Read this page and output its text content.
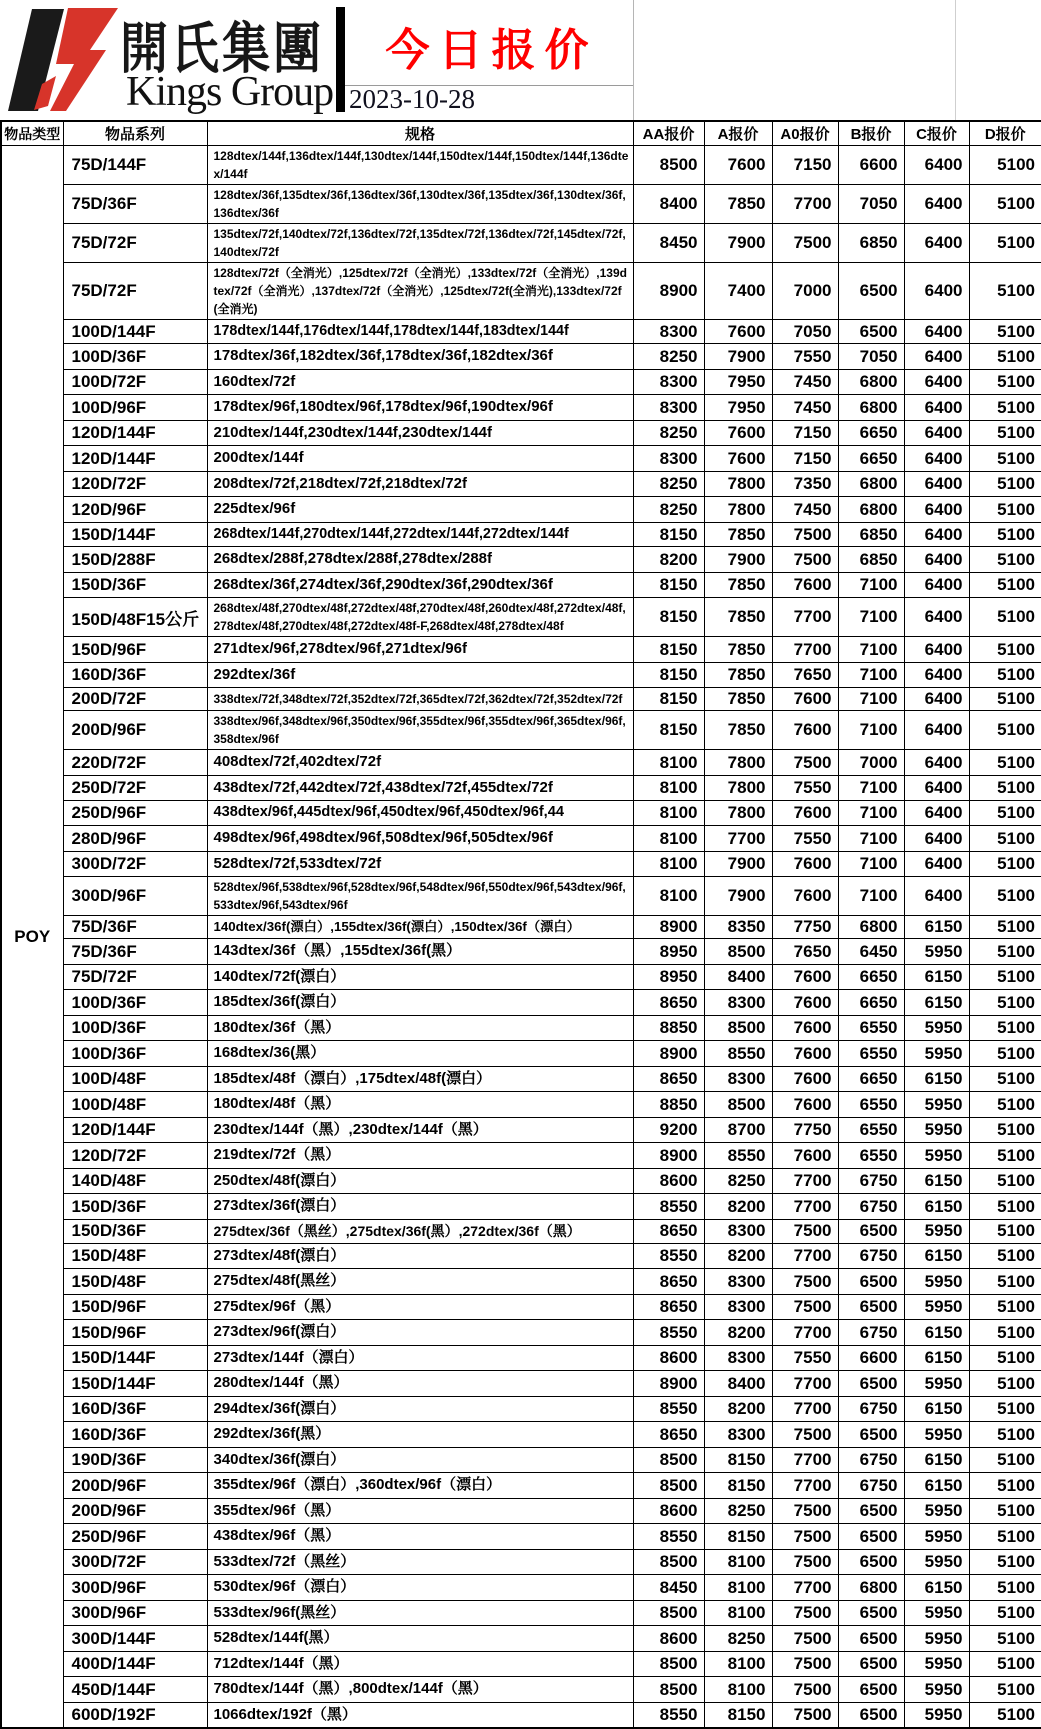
開氏集團
Kings Group
今日报价
2023-10-28
物品类型	物品系列	规格	AA报价	A报价	A0报价	B报价	C报价	D报价
POY	75D/144F	128dtex/144f,136dtex/144f,130dtex/144f,150dtex/144f,150dtex/144f,136dtex/144f	8500	7600	7150	6600	6400	5100
	75D/36F	128dtex/36f,135dtex/36f,136dtex/36f,130dtex/36f,135dtex/36f,130dtex/36f,136dtex/36f	8400	7850	7700	7050	6400	5100
	75D/72F	135dtex/72f,140dtex/72f,136dtex/72f,135dtex/72f,136dtex/72f,145dtex/72f,140dtex/72f	8450	7900	7500	6850	6400	5100
	75D/72F	128dtex/72f（全消光）,125dtex/72f（全消光）,133dtex/72f（全消光）,139dtex/72f（全消光）,137dtex/72f（全消光）,125dtex/72f(全消光),133dtex/72f(全消光)	8900	7400	7000	6500	6400	5100
	100D/144F	178dtex/144f,176dtex/144f,178dtex/144f,183dtex/144f	8300	7600	7050	6500	6400	5100
	100D/36F	178dtex/36f,182dtex/36f,178dtex/36f,182dtex/36f	8250	7900	7550	7050	6400	5100
	100D/72F	160dtex/72f	8300	7950	7450	6800	6400	5100
	100D/96F	178dtex/96f,180dtex/96f,178dtex/96f,190dtex/96f	8300	7950	7450	6800	6400	5100
	120D/144F	210dtex/144f,230dtex/144f,230dtex/144f	8250	7600	7150	6650	6400	5100
	120D/144F	200dtex/144f	8300	7600	7150	6650	6400	5100
	120D/72F	208dtex/72f,218dtex/72f,218dtex/72f	8250	7800	7350	6800	6400	5100
	120D/96F	225dtex/96f	8250	7800	7450	6800	6400	5100
	150D/144F	268dtex/144f,270dtex/144f,272dtex/144f,272dtex/144f	8150	7850	7500	6850	6400	5100
	150D/288F	268dtex/288f,278dtex/288f,278dtex/288f	8200	7900	7500	6850	6400	5100
	150D/36F	268dtex/36f,274dtex/36f,290dtex/36f,290dtex/36f	8150	7850	7600	7100	6400	5100
	150D/48F15公斤	268dtex/48f,270dtex/48f,272dtex/48f,270dtex/48f,260dtex/48f,272dtex/48f,278dtex/48f,270dtex/48f,272dtex/48f-F,268dtex/48f,278dtex/48f	8150	7850	7700	7100	6400	5100
	150D/96F	271dtex/96f,278dtex/96f,271dtex/96f	8150	7850	7700	7100	6400	5100
	160D/36F	292dtex/36f	8150	7850	7650	7100	6400	5100
	200D/72F	338dtex/72f,348dtex/72f,352dtex/72f,365dtex/72f,362dtex/72f,352dtex/72f	8150	7850	7600	7100	6400	5100
	200D/96F	338dtex/96f,348dtex/96f,350dtex/96f,355dtex/96f,355dtex/96f,365dtex/96f,358dtex/96f	8150	7850	7600	7100	6400	5100
	220D/72F	408dtex/72f,402dtex/72f	8100	7800	7500	7000	6400	5100
	250D/72F	438dtex/72f,442dtex/72f,438dtex/72f,455dtex/72f	8100	7800	7550	7100	6400	5100
	250D/96F	438dtex/96f,445dtex/96f,450dtex/96f,450dtex/96f,44	8100	7800	7600	7100	6400	5100
	280D/96F	498dtex/96f,498dtex/96f,508dtex/96f,505dtex/96f	8100	7700	7550	7100	6400	5100
	300D/72F	528dtex/72f,533dtex/72f	8100	7900	7600	7100	6400	5100
	300D/96F	528dtex/96f,538dtex/96f,528dtex/96f,548dtex/96f,550dtex/96f,543dtex/96f,533dtex/96f,543dtex/96f	8100	7900	7600	7100	6400	5100
	75D/36F	140dtex/36f(漂白）,155dtex/36f(漂白）,150dtex/36f（漂白）	8900	8350	7750	6800	6150	5100
	75D/36F	143dtex/36f（黑）,155dtex/36f(黑）	8950	8500	7650	6450	5950	5100
	75D/72F	140dtex/72f(漂白）	8950	8400	7600	6650	6150	5100
	100D/36F	185dtex/36f(漂白）	8650	8300	7600	6650	6150	5100
	100D/36F	180dtex/36f（黑）	8850	8500	7600	6550	5950	5100
	100D/36F	168dtex/36(黑）	8900	8550	7600	6550	5950	5100
	100D/48F	185dtex/48f（漂白）,175dtex/48f(漂白）	8650	8300	7600	6650	6150	5100
	100D/48F	180dtex/48f（黑）	8850	8500	7600	6550	5950	5100
	120D/144F	230dtex/144f（黑）,230dtex/144f（黑）	9200	8700	7750	6550	5950	5100
	120D/72F	219dtex/72f（黑）	8900	8550	7600	6550	5950	5100
	140D/48F	250dtex/48f(漂白）	8600	8250	7700	6750	6150	5100
	150D/36F	273dtex/36f(漂白）	8550	8200	7700	6750	6150	5100
	150D/36F	275dtex/36f（黑丝）,275dtex/36f(黑）,272dtex/36f（黑）	8650	8300	7500	6500	5950	5100
	150D/48F	273dtex/48f(漂白）	8550	8200	7700	6750	6150	5100
	150D/48F	275dtex/48f(黑丝）	8650	8300	7500	6500	5950	5100
	150D/96F	275dtex/96f（黑）	8650	8300	7500	6500	5950	5100
	150D/96F	273dtex/96f(漂白）	8550	8200	7700	6750	6150	5100
	150D/144F	273dtex/144f（漂白）	8600	8300	7550	6600	6150	5100
	150D/144F	280dtex/144f（黑）	8900	8400	7700	6500	5950	5100
	160D/36F	294dtex/36f(漂白）	8550	8200	7700	6750	6150	5100
	160D/36F	292dtex/36f(黑）	8650	8300	7500	6500	5950	5100
	190D/36F	340dtex/36f(漂白）	8500	8150	7700	6750	6150	5100
	200D/96F	355dtex/96f（漂白）,360dtex/96f（漂白）	8500	8150	7700	6750	6150	5100
	200D/96F	355dtex/96f（黑）	8600	8250	7500	6500	5950	5100
	250D/96F	438dtex/96f（黑）	8550	8150	7500	6500	5950	5100
	300D/72F	533dtex/72f（黑丝）	8500	8100	7500	6500	5950	5100
	300D/96F	530dtex/96f（漂白）	8450	8100	7700	6800	6150	5100
	300D/96F	533dtex/96f(黑丝）	8500	8100	7500	6500	5950	5100
	300D/144F	528dtex/144f(黑）	8600	8250	7500	6500	5950	5100
	400D/144F	712dtex/144f（黑）	8500	8100	7500	6500	5950	5100
	450D/144F	780dtex/144f（黑）,800dtex/144f（黑）	8500	8100	7500	6500	5950	5100
	600D/192F	1066dtex/192f（黑）	8550	8150	7500	6500	5950	5100
